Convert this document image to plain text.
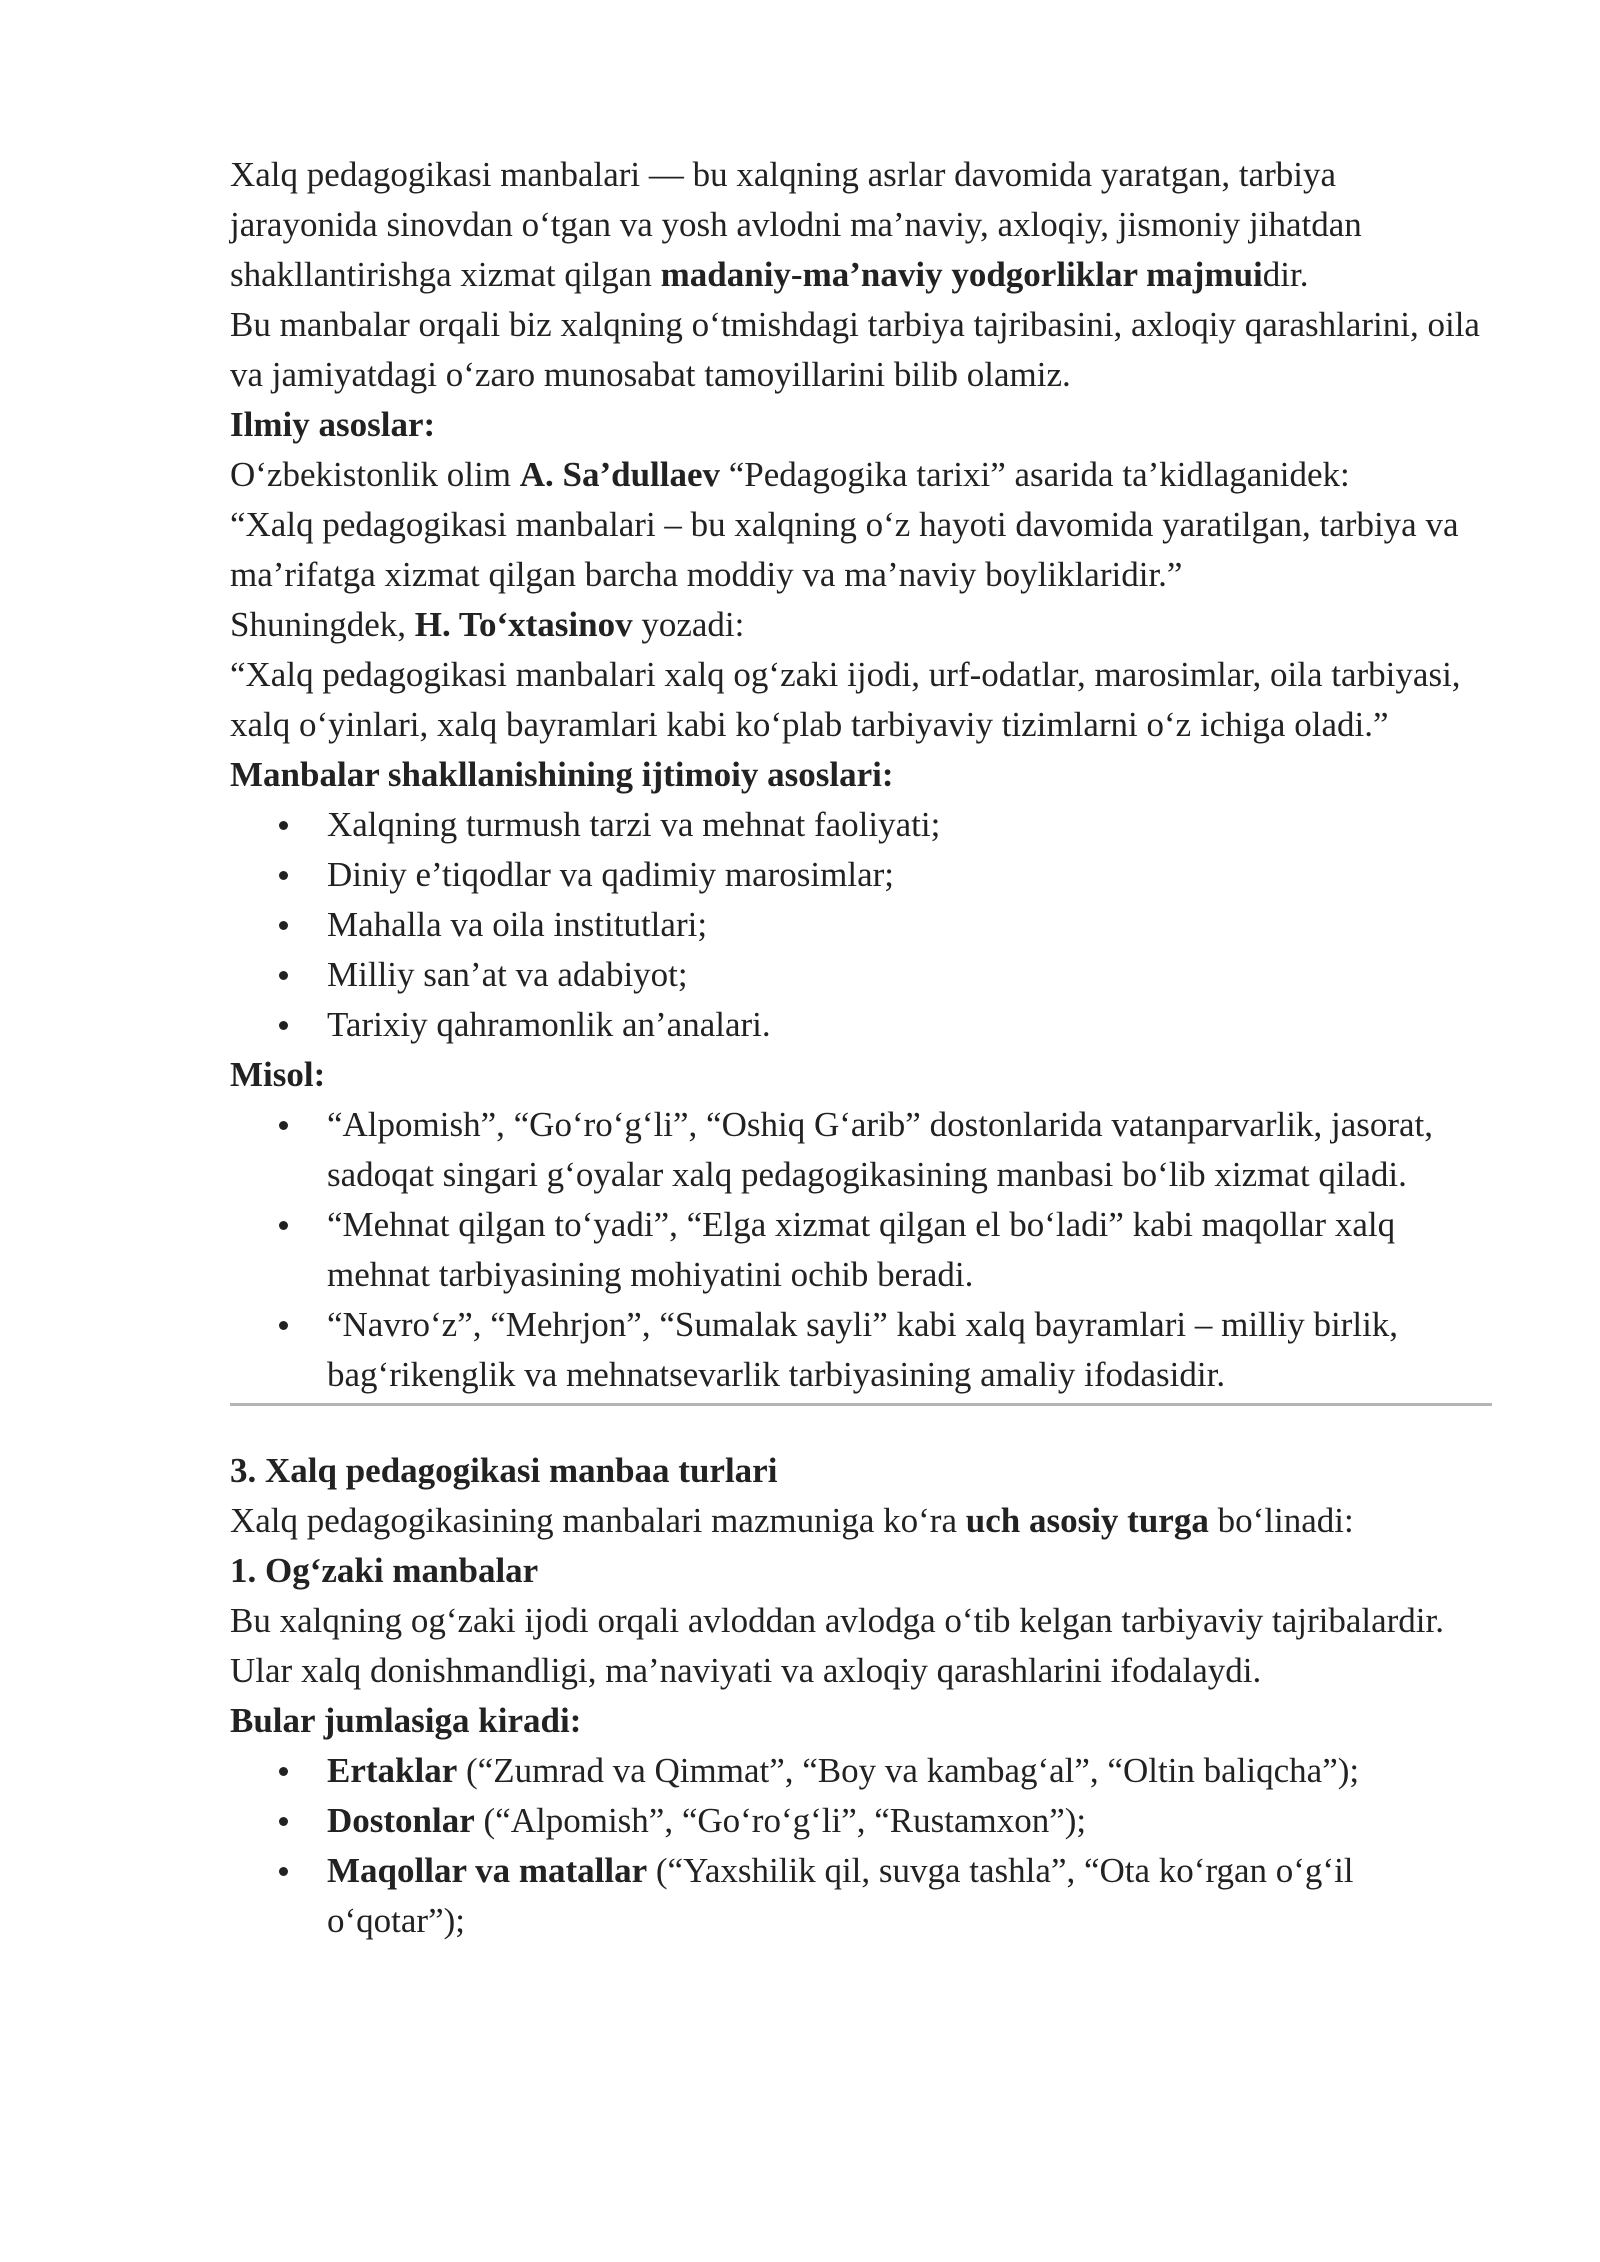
Xalq pedagogikasi manbalari — bu xalqning asrlar davomida yaratgan, tarbiya jarayonida sinovdan o‘tgan va yosh avlodni ma’naviy, axloqiy, jismoniy jihatdan shakllantirishga xizmat qilgan madaniy-ma’naviy yodgorliklar majmuidir.

Bu manbalar orqali biz xalqning o‘tmishdagi tarbiya tajribasini, axloqiy qarashlarini, oila va jamiyatdagi o‘zaro munosabat tamoyillarini bilib olamiz.

Ilmiy asoslar:

O‘zbekistonlik olim A. Sa’dullaev “Pedagogika tarixi” asarida ta’kidlaganidek:

“Xalq pedagogikasi manbalari – bu xalqning o‘z hayoti davomida yaratilgan, tarbiya va ma’rifatga xizmat qilgan barcha moddiy va ma’naviy boyliklaridir.”

Shuningdek, H. To‘xtasinov yozadi:

“Xalq pedagogikasi manbalari xalq og‘zaki ijodi, urf-odatlar, marosimlar, oila tarbiyasi, xalq o‘yinlari, xalq bayramlari kabi ko‘plab tarbiyaviy tizimlarni o‘z ichiga oladi.”

Manbalar shakllanishining ijtimoiy asoslari:
Xalqning turmush tarzi va mehnat faoliyati;
Diniy e’tiqodlar va qadimiy marosimlar;
Mahalla va oila institutlari;
Milliy san’at va adabiyot;
Tarixiy qahramonlik an’analari.
Misol:
“Alpomish”, “Go‘ro‘g‘li”, “Oshiq G‘arib” dostonlarida vatanparvarlik, jasorat, sadoqat singari g‘oyalar xalq pedagogikasining manbasi bo‘lib xizmat qiladi.
“Mehnat qilgan to‘yadi”, “Elga xizmat qilgan el bo‘ladi” kabi maqollar xalq mehnat tarbiyasining mohiyatini ochib beradi.
“Navro‘z”, “Mehrjon”, “Sumalak sayli” kabi xalq bayramlari – milliy birlik, bag‘rikenglik va mehnatsevarlik tarbiyasining amaliy ifodasidir.
3. Xalq pedagogikasi manbaa turlari

Xalq pedagogikasining manbalari mazmuniga ko‘ra uch asosiy turga bo‘linadi:

1. Og‘zaki manbalar

Bu xalqning og‘zaki ijodi orqali avloddan avlodga o‘tib kelgan tarbiyaviy tajribalardir.

Ular xalq donishmandligi, ma’naviyati va axloqiy qarashlarini ifodalaydi.

Bular jumlasiga kiradi:
Ertaklar (“Zumrad va Qimmat”, “Boy va kambag‘al”, “Oltin baliqcha”);
Dostonlar (“Alpomish”, “Go‘ro‘g‘li”, “Rustamxon”);
Maqollar va matallar (“Yaxshilik qil, suvga tashla”, “Ota ko‘rgan o‘g‘il o‘qotar”);
